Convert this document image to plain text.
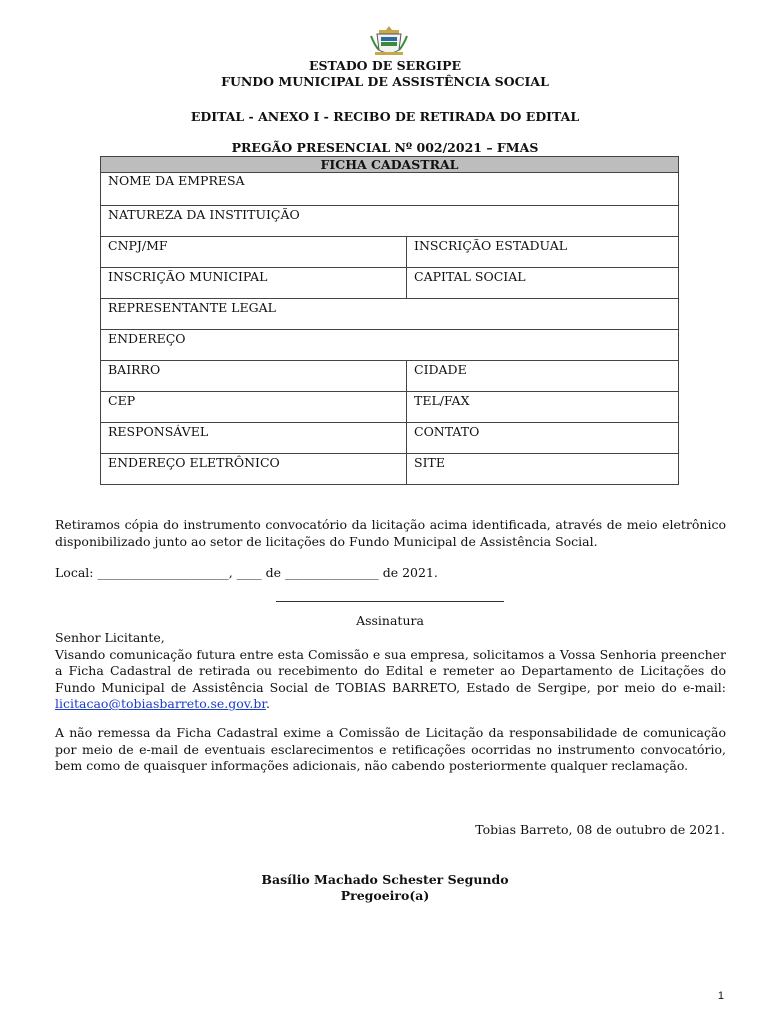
ESTADO DE SERGIPE
FUNDO MUNICIPAL DE ASSISTÊNCIA SOCIAL
EDITAL - ANEXO I - RECIBO DE RETIRADA DO EDITAL
PREGÃO PRESENCIAL Nº 002/2021 – FMAS
FICHA CADASTRAL	
NOME DA EMPRESA	
NATUREZA DA INSTITUIÇÃO	
CNPJ/MF	INSCRIÇÃO ESTADUAL
INSCRIÇÃO MUNICIPAL	CAPITAL SOCIAL
REPRESENTANTE LEGAL	
ENDEREÇO	
BAIRRO	CIDADE
CEP	TEL/FAX
RESPONSÁVEL	CONTATO
ENDEREÇO ELETRÔNICO	SITE
Retiramos cópia do instrumento convocatório da licitação acima identificada, através de meio eletrônico disponibilizado junto ao setor de licitações do Fundo Municipal de Assistência Social.
Local: _____________________, ____ de _______________ de 2021.
Assinatura

Senhor Licitante,

Visando comunicação futura entre esta Comissão e sua empresa, solicitamos a Vossa Senhoria preencher a Ficha Cadastral de retirada ou recebimento do Edital e remeter ao Departamento de Licitações do Fundo Municipal de Assistência Social de TOBIAS BARRETO, Estado de Sergipe, por meio do e-mail: licitacao@tobiasbarreto.se.gov.br.

A não remessa da Ficha Cadastral exime a Comissão de Licitação da responsabilidade de comunicação por meio de e-mail de eventuais esclarecimentos e retificações ocorridas no instrumento convocatório, bem como de quaisquer informações adicionais, não cabendo posteriormente qualquer reclamação.
Tobias Barreto, 08 de outubro de 2021.
Basílio Machado Schester Segundo
Pregoeiro(a)
1
